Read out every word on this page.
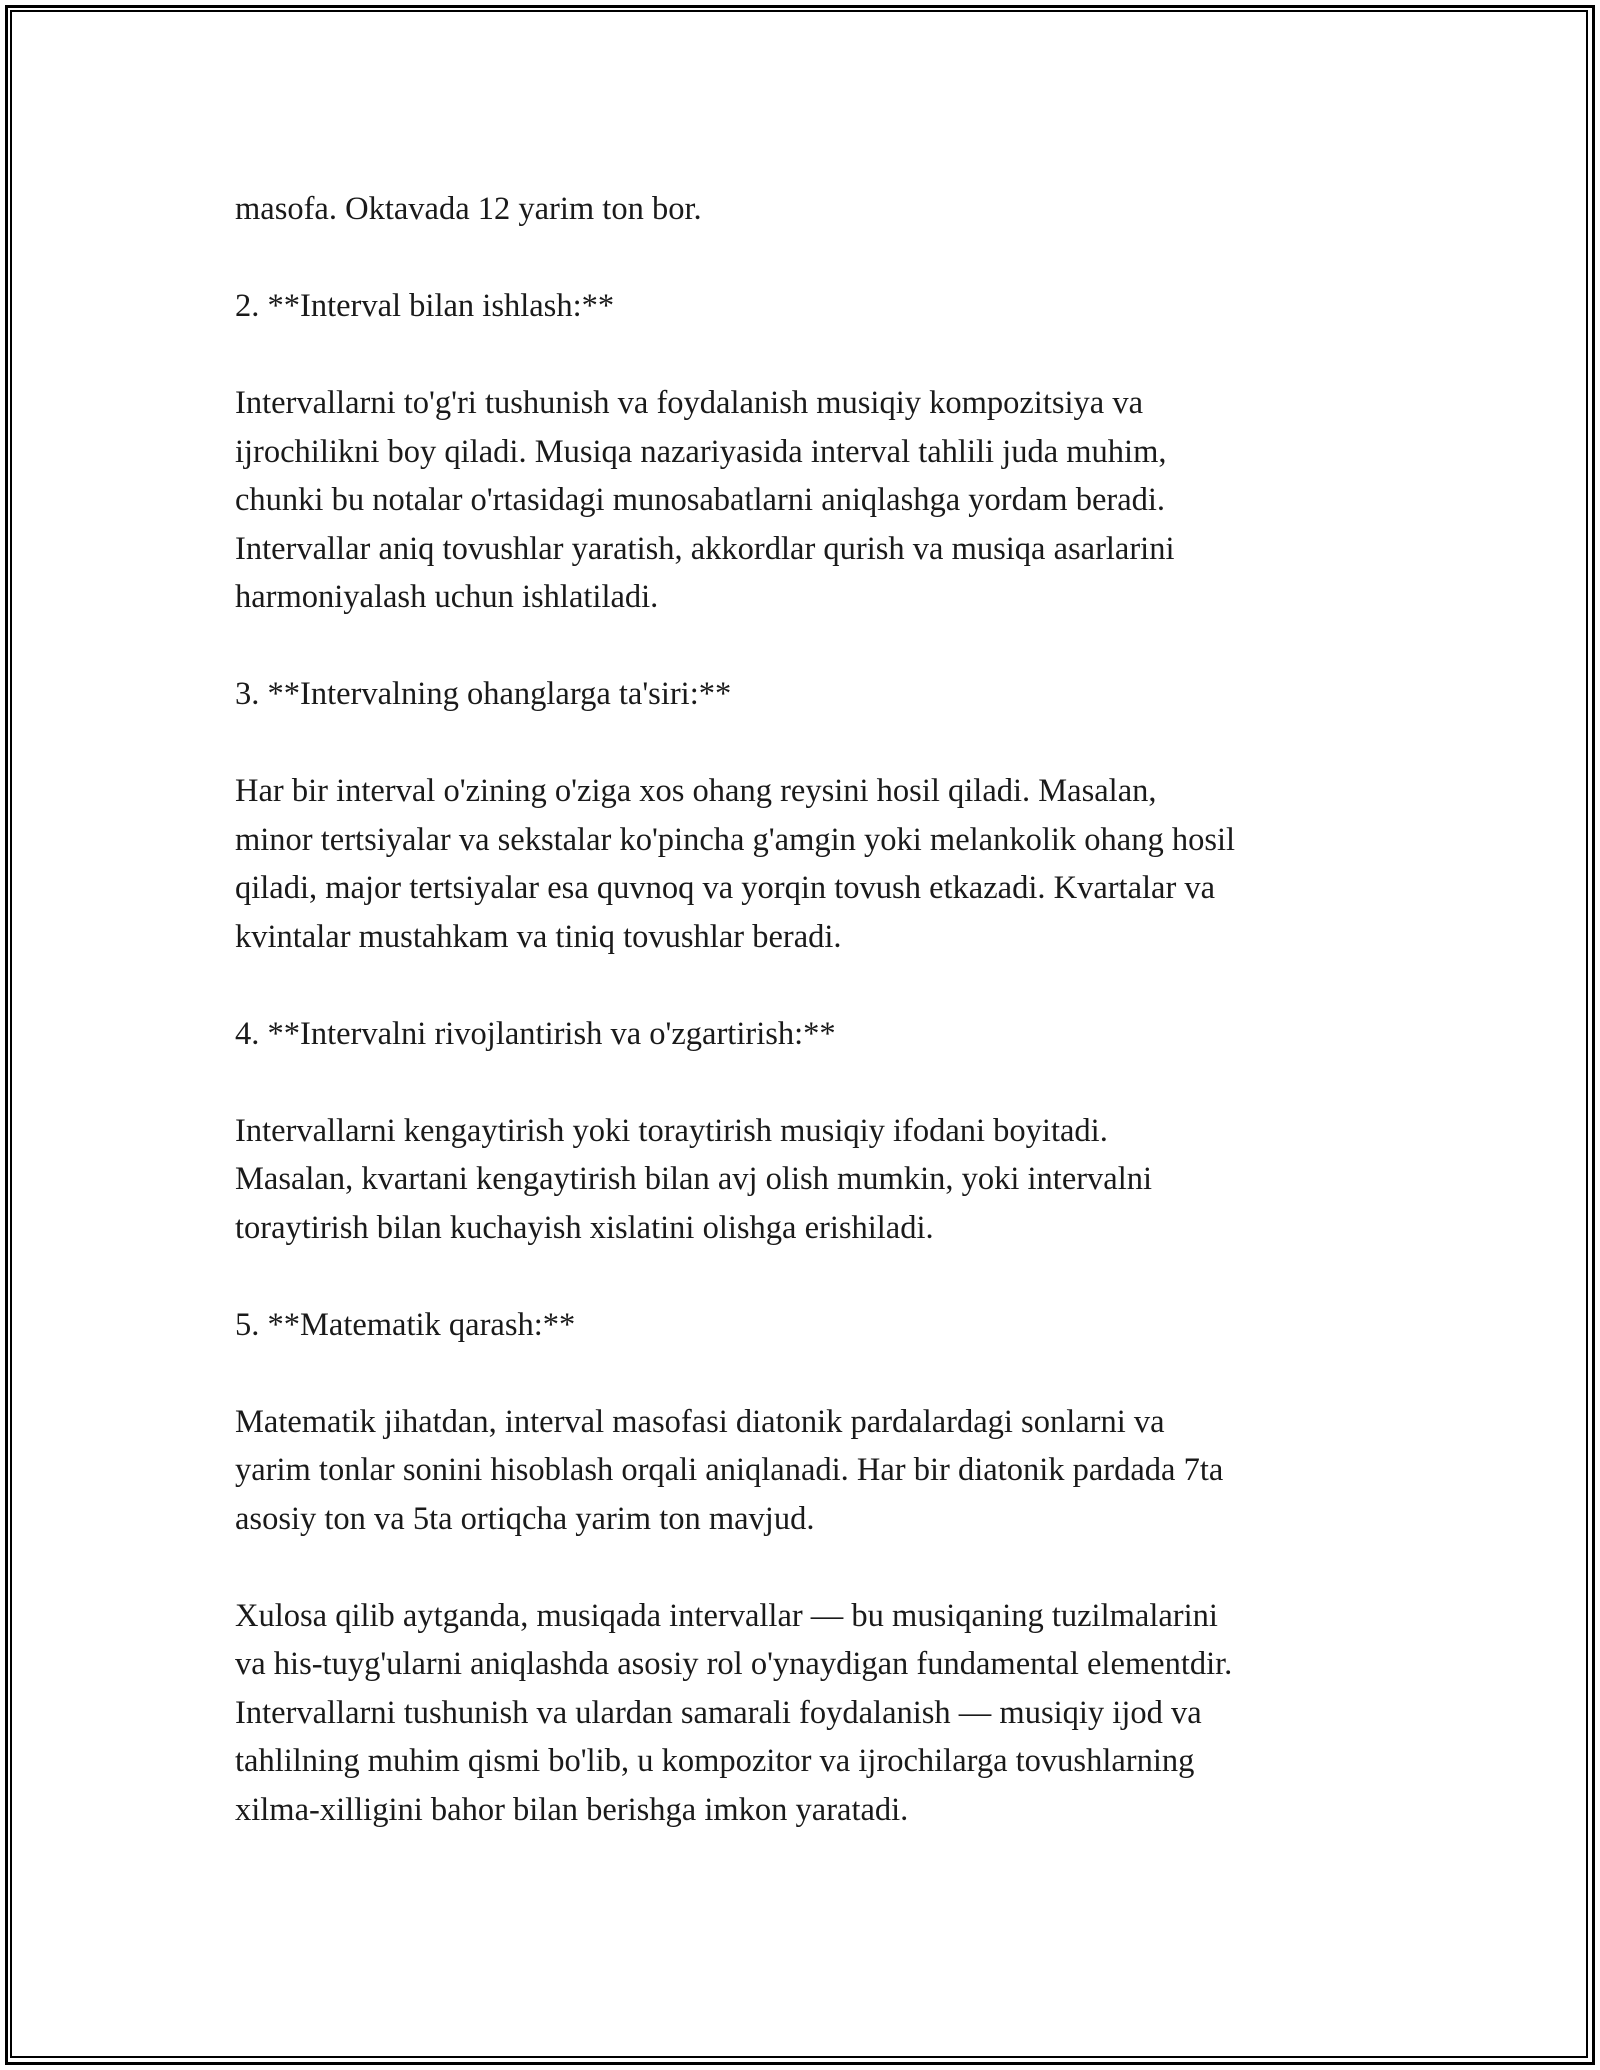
masofa. Oktavada 12 yarim ton bor.

2. **Interval bilan ishlash:**

Intervallarni to'g'ri tushunish va foydalanish musiqiy kompozitsiya va
ijrochilikni boy qiladi. Musiqa nazariyasida interval tahlili juda muhim,
chunki bu notalar o'rtasidagi munosabatlarni aniqlashga yordam beradi.
Intervallar aniq tovushlar yaratish, akkordlar qurish va musiqa asarlarini
harmoniyalash uchun ishlatiladi.

3. **Intervalning ohanglarga ta'siri:**

Har bir interval o'zining o'ziga xos ohang reysini hosil qiladi. Masalan,
minor tertsiyalar va sekstalar ko'pincha g'amgin yoki melankolik ohang hosil
qiladi, major tertsiyalar esa quvnoq va yorqin tovush etkazadi. Kvartalar va
kvintalar mustahkam va tiniq tovushlar beradi.

4. **Intervalni rivojlantirish va o'zgartirish:**

Intervallarni kengaytirish yoki toraytirish musiqiy ifodani boyitadi.
Masalan, kvartani kengaytirish bilan avj olish mumkin, yoki intervalni
toraytirish bilan kuchayish xislatini olishga erishiladi.

5. **Matematik qarash:**

Matematik jihatdan, interval masofasi diatonik pardalardagi sonlarni va
yarim tonlar sonini hisoblash orqali aniqlanadi. Har bir diatonik pardada 7ta
asosiy ton va 5ta ortiqcha yarim ton mavjud.

Xulosa qilib aytganda, musiqada intervallar — bu musiqaning tuzilmalarini
va his-tuyg'ularni aniqlashda asosiy rol o'ynaydigan fundamental elementdir.
Intervallarni tushunish va ulardan samarali foydalanish — musiqiy ijod va
tahlilning muhim qismi bo'lib, u kompozitor va ijrochilarga tovushlarning
xilma-xilligini bahor bilan berishga imkon yaratadi.
